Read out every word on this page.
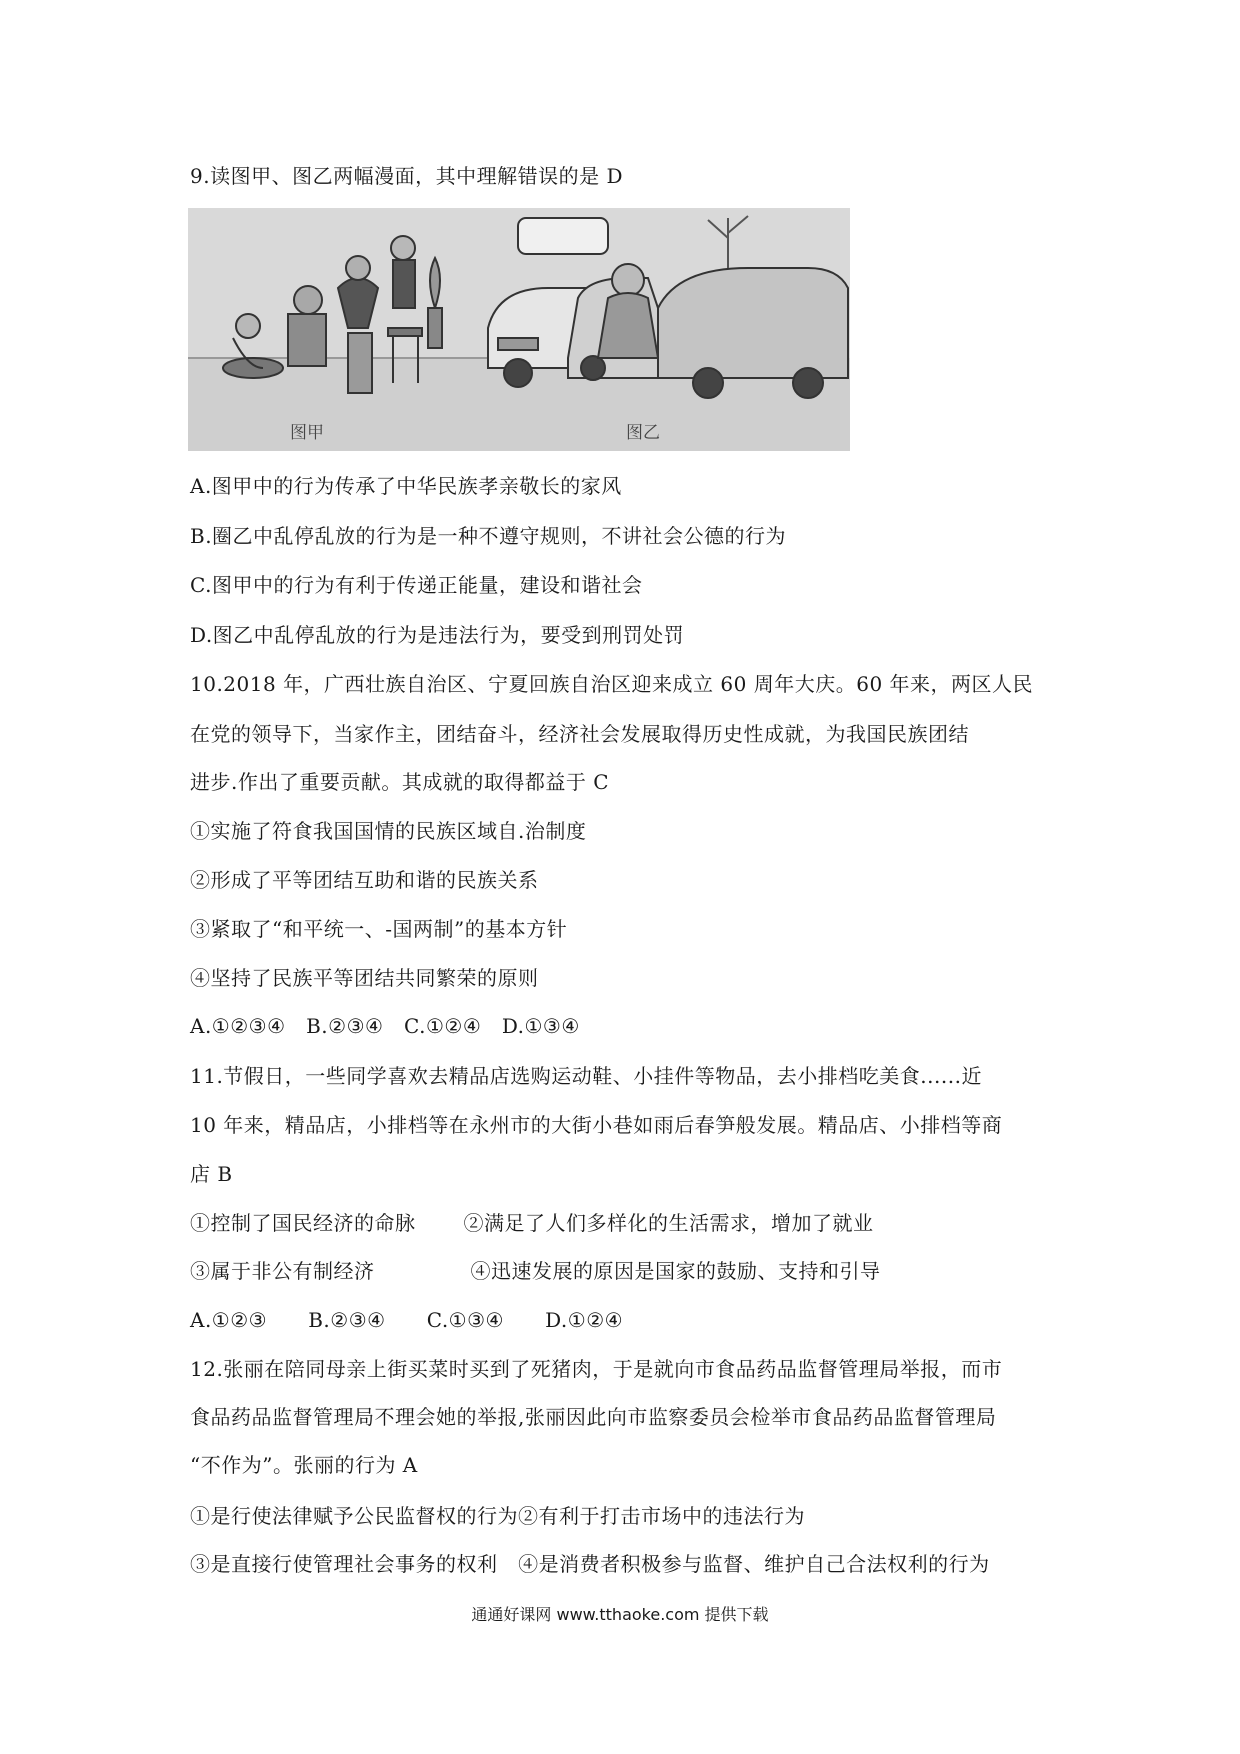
9.读图甲、图乙两幅漫面，其中理解错误的是 D
图甲	图乙
A.图甲中的行为传承了中华民族孝亲敬长的家风
B.圈乙中乱停乱放的行为是一种不遵守规则，不讲社会公德的行为
C.图甲中的行为有利于传递正能量，建设和谐社会
D.图乙中乱停乱放的行为是违法行为，要受到刑罚处罚
10.2018 年，广西壮族自治区、宁夏回族自治区迎来成立 60 周年大庆。60 年来，两区人民
在党的领导下，当家作主，团结奋斗，经济社会发展取得历史性成就，为我国民族团结
进步.作出了重要贡献。其成就的取得都益于 C
①实施了符食我国国情的民族区域自.治制度
②形成了平等团结互助和谐的民族关系
③紧取了“和平统一、-国两制”的基本方针
④坚持了民族平等团结共同繁荣的原则
A.①②③④   B.②③④   C.①②④   D.①③④
11.节假日，一些同学喜欢去精品店选购运动鞋、小挂件等物品，去小排档吃美食......近
10 年来，精品店，小排档等在永州市的大街小巷如雨后春笋般发展。精品店、小排档等商
店 B
①控制了国民经济的命脉       ②满足了人们多样化的生活需求，增加了就业
③属于非公有制经济              ④迅速发展的原因是国家的鼓励、支持和引导
A.①②③      B.②③④      C.①③④      D.①②④
12.张丽在陪同母亲上街买菜时买到了死猪肉，于是就向市食品药品监督管理局举报，而市
食品药品监督管理局不理会她的举报,张丽因此向市监察委员会检举市食品药品监督管理局
“不作为”。张丽的行为 A
①是行使法律赋予公民监督权的行为②有利于打击市场中的违法行为
③是直接行使管理社会事务的权利   ④是消费者积极参与监督、维护自己合法权利的行为
通通好课网 www.tthaoke.com 提供下载
